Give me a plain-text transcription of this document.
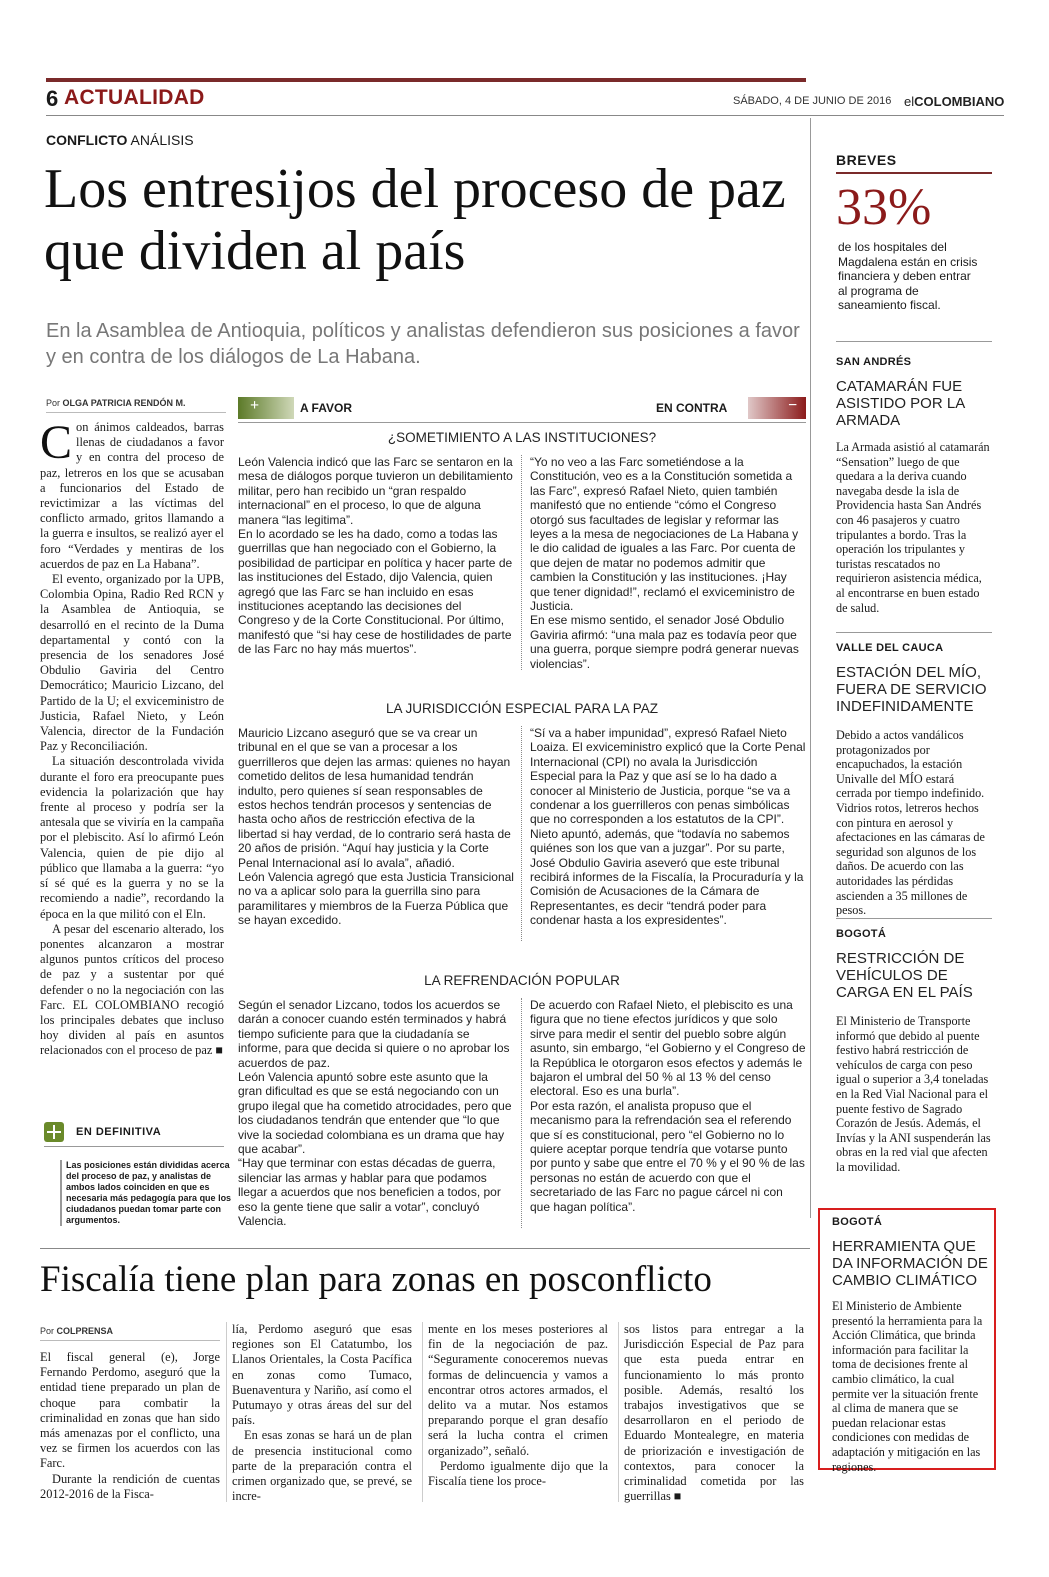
6 ACTUALIDAD	SÁBADO, 4 DE JUNIO DE 2016 elCOLOMBIANO
CONFLICTO ANÁLISIS
Los entresijos del proceso de paz que dividen al país
En la Asamblea de Antioquia, políticos y analistas defendieron sus posiciones a favor y en contra de los diálogos de La Habana.
Por OLGA PATRICIA RENDÓN M.

Con ánimos caldeados, barras llenas de ciudadanos a favor y en contra del proceso de paz, letreros en los que se acusaban a funcionarios del Estado de revictimizar a las víctimas del conflicto armado, gritos llamando a la guerra e insultos, se realizó ayer el foro “Verdades y mentiras de los acuerdos de paz en La Habana”.

El evento, organizado por la UPB, Colombia Opina, Radio Red RCN y la Asamblea de Antioquia, se desarrolló en el recinto de la Duma departamental y contó con la presencia de los senadores José Obdulio Gaviria del Centro Democrático; Mauricio Lizcano, del Partido de la U; el exviceministro de Justicia, Rafael Nieto, y León Valencia, director de la Fundación Paz y Reconciliación.

La situación descontrolada vivida durante el foro era preocupante pues evidencia la polarización que hay frente al proceso y podría ser la antesala que se viviría en la campaña por el plebiscito. Así lo afirmó León Valencia, quien de pie dijo al público que llamaba a la guerra: “yo sí sé qué es la guerra y no se la recomiendo a nadie”, recordando la época en la que militó con el Eln.

A pesar del escenario alterado, los ponentes alcanzaron a mostrar algunos puntos críticos del proceso de paz y a sustentar por qué defender o no la negociación con las Farc. EL COLOMBIANO recogió los principales debates que incluso hoy dividen al país en asuntos relacionados con el proceso de paz ■

EN DEFINITIVA
Las posiciones están divididas acerca del proceso de paz, y anaIistas de ambos lados coinciden en que es necesaria más pedagogía para que los ciudadanos puedan tomar parte con argumentos.
+	A FAVOR	EN CONTRA	−
¿SOMETIMIENTO A LAS INSTITUCIONES?
León Valencia indicó que las Farc se sentaron en la mesa de diálogos porque tuvieron un debilitamiento militar, pero han recibido un “gran respaldo internacional” en el proceso, lo que de alguna manera “las legitima”.
En lo acordado se les ha dado, como a todas las guerrillas que han negociado con el Gobierno, la posibilidad de participar en política y hacer parte de las instituciones del Estado, dijo Valencia, quien agregó que las Farc se han incluido en esas instituciones aceptando las decisiones del Congreso y de la Corte Constitucional. Por último, manifestó que “si hay cese de hostilidades de parte de las Farc no hay más muertos”.
“Yo no veo a las Farc sometiéndose a la Constitución, veo es a la Constitución sometida a las Farc”, expresó Rafael Nieto, quien también manifestó que no entiende “cómo el Congreso otorgó sus facultades de legislar y reformar las leyes a la mesa de negociaciones de La Habana y le dio calidad de iguales a las Farc. Por cuenta de que dejen de matar no podemos admitir que cambien la Constitución y las instituciones. ¡Hay que tener dignidad!”, reclamó el exviceministro de Justicia.
En ese mismo sentido, el senador José Obdulio Gaviria afirmó: “una mala paz es todavía peor que una guerra, porque siempre podrá generar nuevas violencias”.
LA JURISDICCIÓN ESPECIAL PARA LA PAZ
Mauricio Lizcano aseguró que se va crear un tribunal en el que se van a procesar a los guerrilleros que dejen las armas: quienes no hayan cometido delitos de lesa humanidad tendrán indulto, pero quienes sí sean responsables de estos hechos tendrán procesos y sentencias de hasta ocho años de restricción efectiva de la libertad si hay verdad, de lo contrario será hasta de 20 años de prisión. “Aquí hay justicia y la Corte Penal Internacional así lo avala”, añadió.
León Valencia agregó que esta Justicia Transicional no va a aplicar solo para la guerrilla sino para paramilitares y miembros de la Fuerza Pública que se hayan excedido.
“Sí va a haber impunidad”, expresó Rafael Nieto Loaiza. El exviceministro explicó que la Corte Penal Internacional (CPI) no avala la Jurisdicción Especial para la Paz y que así se lo ha dado a conocer al Ministerio de Justicia, porque “se va a condenar a los guerrilleros con penas simbólicas que no corresponden a los estatutos de la CPI”. Nieto apuntó, además, que “todavía no sabemos quiénes son los que van a juzgar”. Por su parte, José Obdulio Gaviria aseveró que este tribunal recibirá informes de la Fiscalía, la Procuraduría y la Comisión de Acusaciones de la Cámara de Representantes, es decir “tendrá poder para condenar hasta a los expresidentes”.
LA REFRENDACIÓN POPULAR
Según el senador Lizcano, todos los acuerdos se darán a conocer cuando estén terminados y habrá tiempo suficiente para que la ciudadanía se informe, para que decida si quiere o no aprobar los acuerdos de paz.
León Valencia apuntó sobre este asunto que la gran dificultad es que se está negociando con un grupo ilegal que ha cometido atrocidades, pero que los ciudadanos tendrán que entender que “lo que vive la sociedad colombiana es un drama que hay que acabar”.
“Hay que terminar con estas décadas de guerra, silenciar las armas y hablar para que podamos llegar a acuerdos que nos beneficien a todos, por eso la gente tiene que salir a votar”, concluyó Valencia.
De acuerdo con Rafael Nieto, el plebiscito es una figura que no tiene efectos jurídicos y que solo sirve para medir el sentir del pueblo sobre algún asunto, sin embargo, “el Gobierno y el Congreso de la República le otorgaron esos efectos y además le bajaron el umbral del 50 % al 13 % del censo electoral. Eso es una burla”.
Por esta razón, el analista propuso que el mecanismo para la refrendación sea el referendo que sí es constitucional, pero “el Gobierno no lo quiere aceptar porque tendría que votarse punto por punto y sabe que entre el 70 % y el 90 % de las personas no están de acuerdo con que el secretariado de las Farc no pague cárcel ni con que hagan política”.
BREVES
33%
de los hospitales del Magdalena están en crisis financiera y deben entrar al programa de saneamiento fiscal.
SAN ANDRÉS
CATAMARÁN FUE ASISTIDO POR LA ARMADA
La Armada asistió al catamarán “Sensation” luego de que quedara a la deriva cuando navegaba desde la isla de Providencia hasta San Andrés con 46 pasajeros y cuatro tripulantes a bordo. Tras la operación los tripulantes y turistas rescatados no requirieron asistencia médica, al encontrarse en buen estado de salud.
VALLE DEL CAUCA
ESTACIÓN DEL MÍO, FUERA DE SERVICIO INDEFINIDAMENTE
Debido a actos vandálicos protagonizados por encapuchados, la estación Univalle del MÍO estará cerrada por tiempo indefinido. Vidrios rotos, letreros hechos con pintura en aerosol y afectaciones en las cámaras de seguridad son algunos de los daños. De acuerdo con las autoridades las pérdidas ascienden a 35 millones de pesos.
BOGOTÁ
RESTRICCIÓN DE VEHÍCULOS DE CARGA EN EL PAÍS
El Ministerio de Transporte informó que debido al puente festivo habrá restricción de vehículos de carga con peso igual o superior a 3,4 toneladas en la Red Vial Nacional para el puente festivo de Sagrado Corazón de Jesús. Además, el Invías y la ANI suspenderán las obras en la red vial que afecten la movilidad.
BOGOTÁ
HERRAMIENTA QUE DA INFORMACIÓN DE CAMBIO CLIMÁTICO
El Ministerio de Ambiente presentó la herramienta para la Acción Climática, que brinda información para facilitar la toma de decisiones frente al cambio climático, la cual permite ver la situación frente al clima de manera que se puedan relacionar estas condiciones con medidas de adaptación y mitigación en las regiones.
Fiscalía tiene plan para zonas en posconflicto
Por COLPRENSA

El fiscal general (e), Jorge Fernando Perdomo, aseguró que la entidad tiene preparado un plan de choque para combatir la criminalidad en zonas que han sido más amenazas por el conflicto, una vez se firmen los acuerdos con las Farc.

Durante la rendición de cuentas 2012-2016 de la Fisca-

lía, Perdomo aseguró que esas regiones son El Catatumbo, los Llanos Orientales, la Costa Pacífica en zonas como Tumaco, Buenaventura y Nariño, así como el Putumayo y otras áreas del sur del país.

En esas zonas se hará un de plan de presencia institucional como parte de la preparación contra el crimen organizado que, se prevé, se incre-

mente en los meses posteriores al fin de la negociación de paz. “Seguramente conoceremos nuevas formas de delincuencia y vamos a encontrar otros actores armados, el delito va a mutar. Nos estamos preparando porque el gran desafío será la lucha contra el crimen organizado”, señaló.

Perdomo igualmente dijo que la Fiscalía tiene los proce-

sos listos para entregar a la Jurisdicción Especial de Paz para que esta pueda entrar en funcionamiento lo más pronto posible. Además, resaltó los trabajos investigativos que se desarrollaron en el periodo de Eduardo Montealegre, en materia de priorización e investigación de contextos, para conocer la criminalidad cometida por las guerrillas ■
